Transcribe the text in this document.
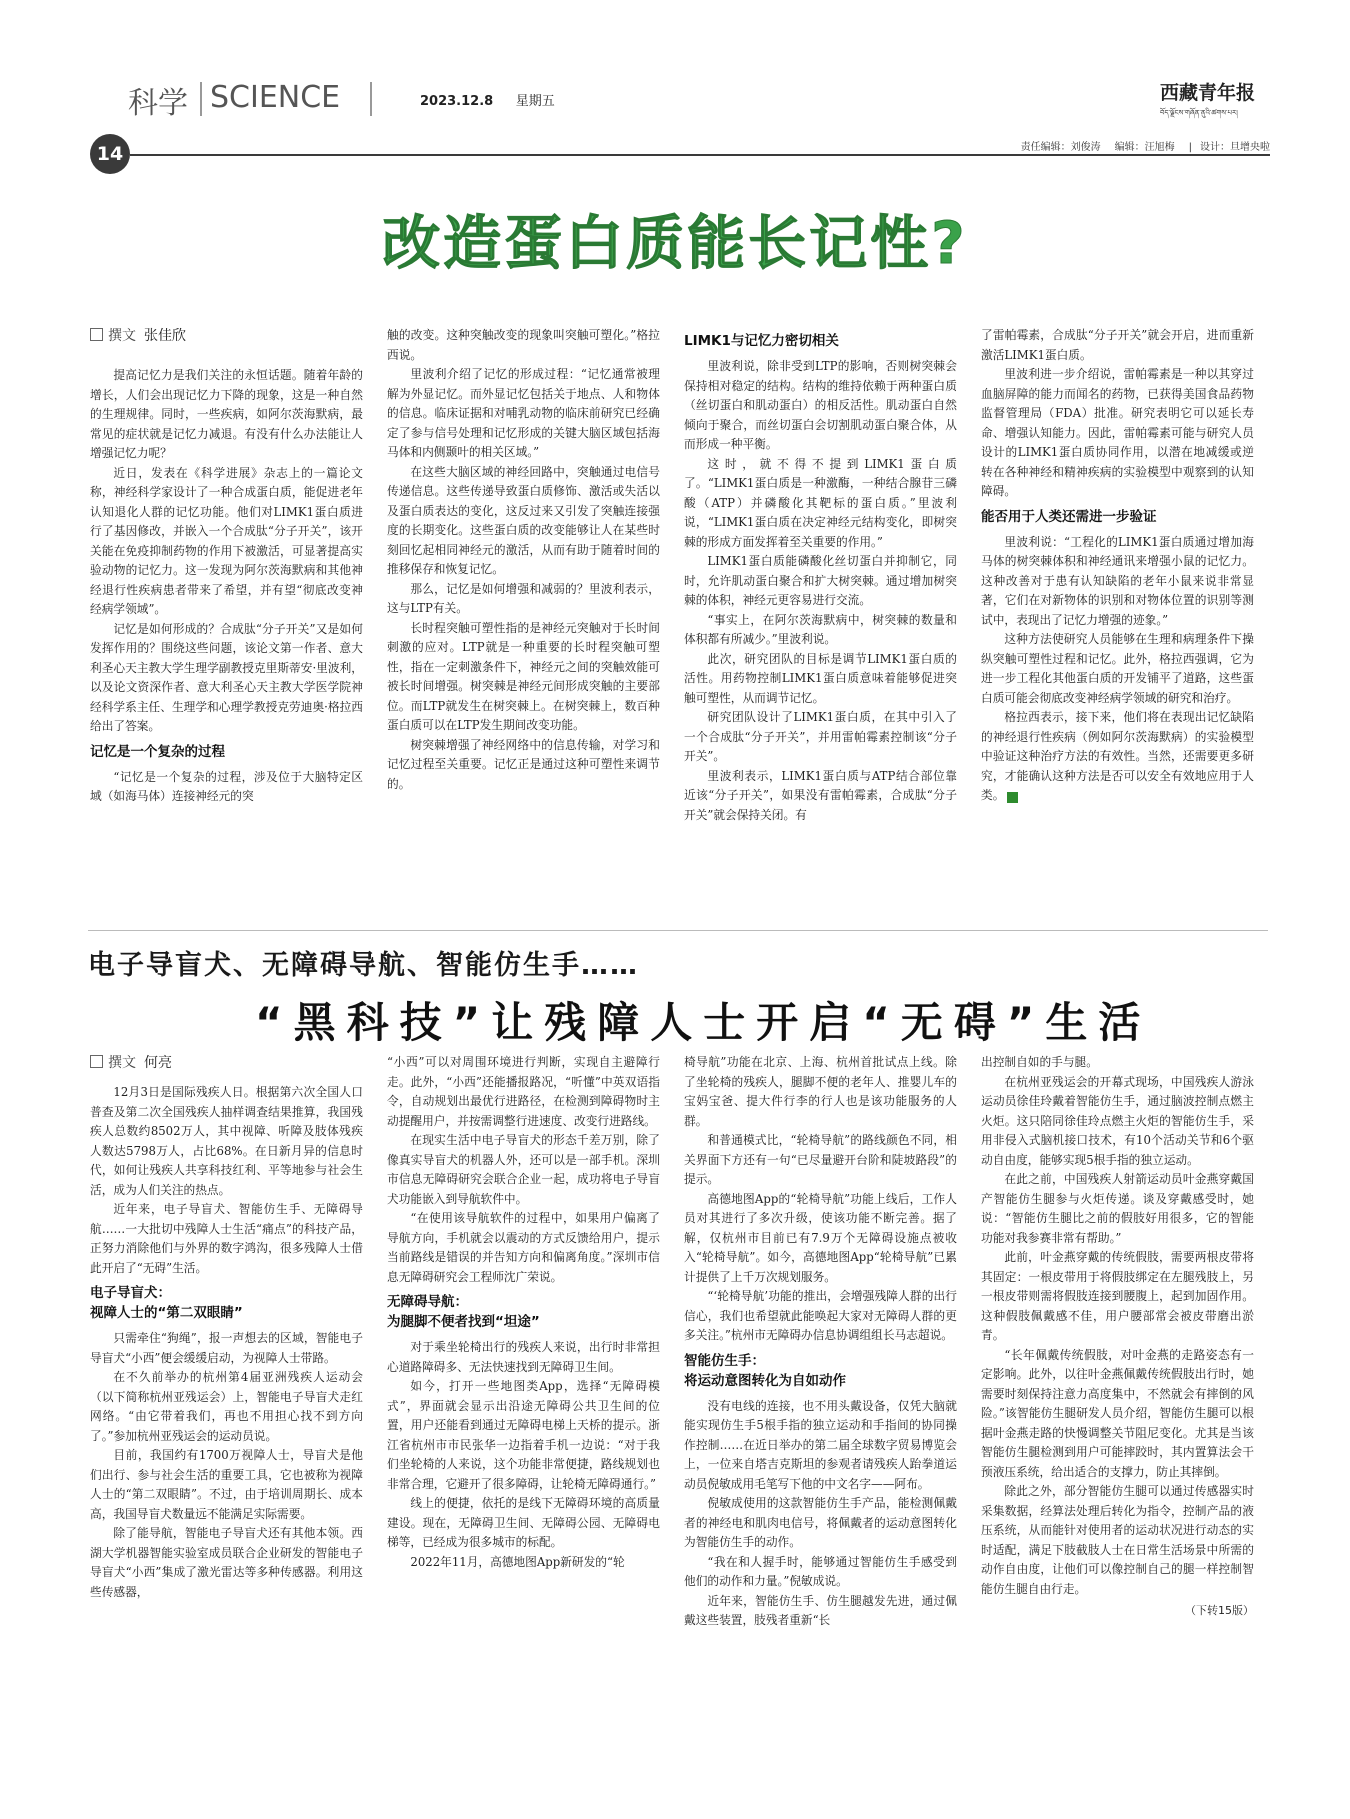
科学 SCIENCE
14
2023.12.8 星期五	西藏青年报
བོད་ལྗོངས་གཞོན་ནུའི་ཚགས་པར།
责任编辑：刘俊涛 编辑：汪旭梅 | 设计：旦增央啦
改造蛋白质能长记性?
撰文 张佳欣

提高记忆力是我们关注的永恒话题。随着年龄的增长，人们会出现记忆力下降的现象，这是一种自然的生理规律。同时，一些疾病，如阿尔茨海默病，最常见的症状就是记忆力减退。有没有什么办法能让人增强记忆力呢？

近日，发表在《科学进展》杂志上的一篇论文称，神经科学家设计了一种合成蛋白质，能促进老年认知退化人群的记忆功能。他们对LIMK1蛋白质进行了基因修改，并嵌入一个合成肽“分子开关”，该开关能在免疫抑制药物的作用下被激活，可显著提高实验动物的记忆力。这一发现为阿尔茨海默病和其他神经退行性疾病患者带来了希望，并有望“彻底改变神经病学领域”。

记忆是如何形成的？合成肽“分子开关”又是如何发挥作用的？围绕这些问题，该论文第一作者、意大利圣心天主教大学生理学副教授克里斯蒂安·里波利，以及论文资深作者、意大利圣心天主教大学医学院神经科学系主任、生理学和心理学教授克劳迪奥·格拉西给出了答案。

记忆是一个复杂的过程

“记忆是一个复杂的过程，涉及位于大脑特定区域（如海马体）连接神经元的突

触的改变。这种突触改变的现象叫突触可塑化。”格拉西说。

里波利介绍了记忆的形成过程：“记忆通常被理解为外显记忆。而外显记忆包括关于地点、人和物体的信息。临床证据和对哺乳动物的临床前研究已经确定了参与信号处理和记忆形成的关键大脑区域包括海马体和内侧颞叶的相关区域。”

在这些大脑区域的神经回路中，突触通过电信号传递信息。这些传递导致蛋白质修饰、激活或失活以及蛋白质表达的变化，这反过来又引发了突触连接强度的长期变化。这些蛋白质的改变能够让人在某些时刻回忆起相同神经元的激活，从而有助于随着时间的推移保存和恢复记忆。

那么，记忆是如何增强和减弱的？里波利表示，这与LTP有关。

长时程突触可塑性指的是神经元突触对于长时间刺激的应对。LTP就是一种重要的长时程突触可塑性，指在一定刺激条件下，神经元之间的突触效能可被长时间增强。树突棘是神经元间形成突触的主要部位。而LTP就发生在树突棘上。在树突棘上，数百种蛋白质可以在LTP发生期间改变功能。

树突棘增强了神经网络中的信息传输，对学习和记忆过程至关重要。记忆正是通过这种可塑性来调节的。

LIMK1与记忆力密切相关

里波利说，除非受到LTP的影响，否则树突棘会保持相对稳定的结构。结构的维持依赖于两种蛋白质（丝切蛋白和肌动蛋白）的相反活性。肌动蛋白自然倾向于聚合，而丝切蛋白会切割肌动蛋白聚合体，从而形成一种平衡。

这时，就不得不提到LIMK1蛋白质了。“LIMK1蛋白质是一种激酶，一种结合腺苷三磷酸（ATP）并磷酸化其靶标的蛋白质。”里波利说，“LIMK1蛋白质在决定神经元结构变化，即树突棘的形成方面发挥着至关重要的作用。”

LIMK1蛋白质能磷酸化丝切蛋白并抑制它，同时，允许肌动蛋白聚合和扩大树突棘。通过增加树突棘的体积，神经元更容易进行交流。

“事实上，在阿尔茨海默病中，树突棘的数量和体积都有所减少。”里波利说。

此次，研究团队的目标是调节LIMK1蛋白质的活性。用药物控制LIMK1蛋白质意味着能够促进突触可塑性，从而调节记忆。

研究团队设计了LIMK1蛋白质，在其中引入了一个合成肽“分子开关”，并用雷帕霉素控制该“分子开关”。

里波利表示，LIMK1蛋白质与ATP结合部位靠近该“分子开关”，如果没有雷帕霉素，合成肽“分子开关”就会保持关闭。有

了雷帕霉素，合成肽“分子开关”就会开启，进而重新激活LIMK1蛋白质。

里波利进一步介绍说，雷帕霉素是一种以其穿过血脑屏障的能力而闻名的药物，已获得美国食品药物监督管理局（FDA）批准。研究表明它可以延长寿命、增强认知能力。因此，雷帕霉素可能与研究人员设计的LIMK1蛋白质协同作用，以潜在地减缓或逆转在各种神经和精神疾病的实验模型中观察到的认知障碍。

能否用于人类还需进一步验证

里波利说：“工程化的LIMK1蛋白质通过增加海马体的树突棘体积和神经通讯来增强小鼠的记忆力。这种改善对于患有认知缺陷的老年小鼠来说非常显著，它们在对新物体的识别和对物体位置的识别等测试中，表现出了记忆力增强的迹象。”

这种方法使研究人员能够在生理和病理条件下操纵突触可塑性过程和记忆。此外，格拉西强调，它为进一步工程化其他蛋白质的开发铺平了道路，这些蛋白质可能会彻底改变神经病学领域的研究和治疗。

格拉西表示，接下来，他们将在表现出记忆缺陷的神经退行性疾病（例如阿尔茨海默病）的实验模型中验证这种治疗方法的有效性。当然，还需要更多研究，才能确认这种方法是否可以安全有效地应用于人类。	书

电子导盲犬、无障碍导航、智能仿生手……
“黑科技”让残障人士开启“无碍”生活
撰文 何亮

12月3日是国际残疾人日。根据第六次全国人口普查及第二次全国残疾人抽样调查结果推算，我国残疾人总数约8502万人，其中视障、听障及肢体残疾人数达5798万人，占比68%。在日新月异的信息时代，如何让残疾人共享科技红利、平等地参与社会生活，成为人们关注的热点。

近年来，电子导盲犬、智能仿生手、无障碍导航……一大批切中残障人士生活“痛点”的科技产品，正努力消除他们与外界的数字鸿沟，很多残障人士借此开启了“无碍”生活。

电子导盲犬：
视障人士的“第二双眼睛”

只需牵住“狗绳”，报一声想去的区域，智能电子导盲犬“小西”便会缓缓启动，为视障人士带路。

在不久前举办的杭州第4届亚洲残疾人运动会（以下简称杭州亚残运会）上，智能电子导盲犬走红网络。“由它带着我们，再也不用担心找不到方向了。”参加杭州亚残运会的运动员说。

目前，我国约有1700万视障人士，导盲犬是他们出行、参与社会生活的重要工具，它也被称为视障人士的“第二双眼睛”。不过，由于培训周期长、成本高，我国导盲犬数量远不能满足实际需要。

除了能导航，智能电子导盲犬还有其他本领。西湖大学机器智能实验室成员联合企业研发的智能电子导盲犬“小西”集成了激光雷达等多种传感器。利用这些传感器，

“小西”可以对周围环境进行判断，实现自主避障行走。此外，“小西”还能播报路况，“听懂”中英双语指令，自动规划出最优行进路径，在检测到障碍物时主动提醒用户，并按需调整行进速度、改变行进路线。

在现实生活中电子导盲犬的形态千差万别，除了像真实导盲犬的机器人外，还可以是一部手机。深圳市信息无障碍研究会联合企业一起，成功将电子导盲犬功能嵌入到导航软件中。

“在使用该导航软件的过程中，如果用户偏离了导航方向，手机就会以震动的方式反馈给用户，提示当前路线是错误的并告知方向和偏离角度。”深圳市信息无障碍研究会工程师沈广荣说。

无障碍导航：
为腿脚不便者找到“坦途”

对于乘坐轮椅出行的残疾人来说，出行时非常担心道路障碍多、无法快速找到无障碍卫生间。

如今，打开一些地图类App，选择“无障碍模式”，界面就会显示出沿途无障碍公共卫生间的位置，用户还能看到通过无障碍电梯上天桥的提示。浙江省杭州市市民张华一边指着手机一边说：“对于我们坐轮椅的人来说，这个功能非常便捷，路线规划也非常合理，它避开了很多障碍，让轮椅无障碍通行。”

线上的便捷，依托的是线下无障碍环境的高质量建设。现在，无障碍卫生间、无障碍公园、无障碍电梯等，已经成为很多城市的标配。

2022年11月，高德地图App新研发的“轮

椅导航”功能在北京、上海、杭州首批试点上线。除了坐轮椅的残疾人，腿脚不便的老年人、推婴儿车的宝妈宝爸、提大件行李的行人也是该功能服务的人群。

和普通模式比，“轮椅导航”的路线颜色不同，相关界面下方还有一句“已尽量避开台阶和陡坡路段”的提示。

高德地图App的“轮椅导航”功能上线后，工作人员对其进行了多次升级，使该功能不断完善。据了解，仅杭州市目前已有7.9万个无障碍设施点被收入“轮椅导航”。如今，高德地图App“轮椅导航”已累计提供了上千万次规划服务。

“‘轮椅导航’功能的推出，会增强残障人群的出行信心，我们也希望就此能唤起大家对无障碍人群的更多关注。”杭州市无障碍办信息协调组组长马志超说。

智能仿生手：
将运动意图转化为自如动作

没有电线的连接，也不用头戴设备，仅凭大脑就能实现仿生手5根手指的独立运动和手指间的协同操作控制……在近日举办的第二届全球数字贸易博览会上，一位来自塔吉克斯坦的参观者请残疾人跆拳道运动员倪敏成用毛笔写下他的中文名字——阿布。

倪敏成使用的这款智能仿生手产品，能检测佩戴者的神经电和肌肉电信号，将佩戴者的运动意图转化为智能仿生手的动作。

“我在和人握手时，能够通过智能仿生手感受到他们的动作和力量。”倪敏成说。

近年来，智能仿生手、仿生腿越发先进，通过佩戴这些装置，肢残者重新“长

出控制自如的手与腿。

在杭州亚残运会的开幕式现场，中国残疾人游泳运动员徐佳玲戴着智能仿生手，通过脑波控制点燃主火炬。这只陪同徐佳玲点燃主火炬的智能仿生手，采用非侵入式脑机接口技术，有10个活动关节和6个驱动自由度，能够实现5根手指的独立运动。

在此之前，中国残疾人射箭运动员叶金燕穿戴国产智能仿生腿参与火炬传递。谈及穿戴感受时，她说：“智能仿生腿比之前的假肢好用很多，它的智能功能对我参赛非常有帮助。”

此前，叶金燕穿戴的传统假肢，需要两根皮带将其固定：一根皮带用于将假肢绑定在左腿残肢上，另一根皮带则需将假肢连接到腰腹上，起到加固作用。这种假肢佩戴感不佳，用户腰部常会被皮带磨出淤青。

“长年佩戴传统假肢，对叶金燕的走路姿态有一定影响。此外，以往叶金燕佩戴传统假肢出行时，她需要时刻保持注意力高度集中，不然就会有摔倒的风险。”该智能仿生腿研发人员介绍，智能仿生腿可以根据叶金燕走路的快慢调整关节阻尼变化。尤其是当该智能仿生腿检测到用户可能摔跤时，其内置算法会干预液压系统，给出适合的支撑力，防止其摔倒。

除此之外，部分智能仿生腿可以通过传感器实时采集数据，经算法处理后转化为指令，控制产品的液压系统，从而能针对使用者的运动状况进行动态的实时适配，满足下肢截肢人士在日常生活场景中所需的动作自由度，让他们可以像控制自己的腿一样控制智能仿生腿自由行走。

（下转15版）
